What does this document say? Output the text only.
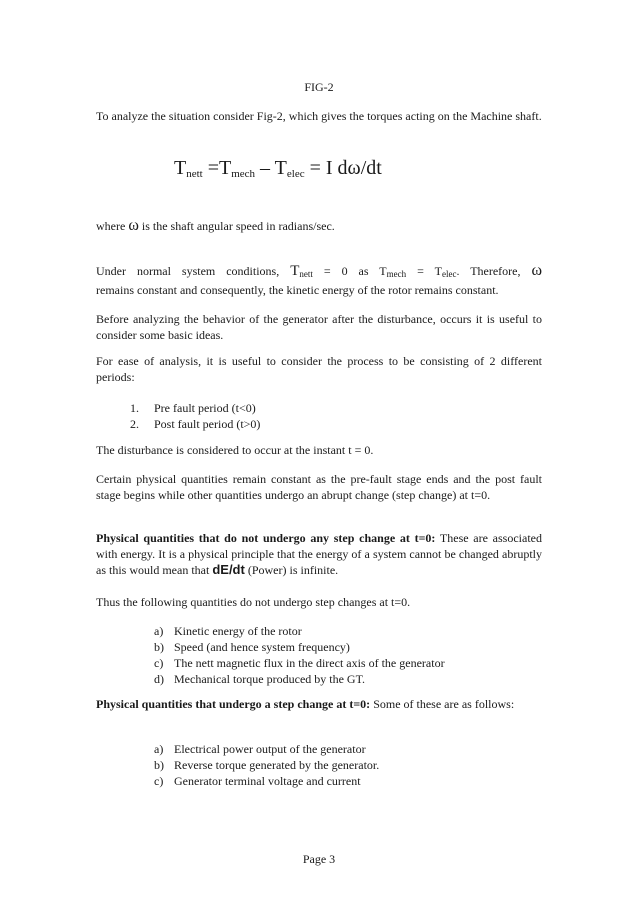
FIG-2
To analyze the situation consider Fig-2, which gives the torques acting on the Machine shaft.
$T_{nett} =T_{mech} - T_{elec} = I$ dω/dt
where ω is the shaft angular speed in radians/sec.
Under normal system conditions, $T_{nett} = 0$ as $T_{mech} = T_{elec}$. Therefore, ω
remains constant and consequently, the kinetic energy of the rotor remains constant.
Before analyzing the behavior of the generator after the disturbance, occurs it is useful to consider some basic ideas.
For ease of analysis, it is useful to consider the process to be consisting of 2 different periods:
1. Pre fault period (t<0)
2. Post fault period (t>0)
The disturbance is considered to occur at the instant t = 0.
Certain physical quantities remain constant as the pre-fault stage ends and the post fault stage begins while other quantities undergo an abrupt change (step change) at t=0.
Physical quantities that do not undergo any step change at t=0: These are associated with energy. It is a physical principle that the energy of a system cannot be changed abruptly as this would mean that dE/dt (Power) is infinite.
Thus the following quantities do not undergo step changes at t=0.
a) Kinetic energy of the rotor
b) Speed (and hence system frequency)
c) The nett magnetic flux in the direct axis of the generator
d) Mechanical torque produced by the GT.
Physical quantities that undergo a step change at t=0: Some of these are as follows:
a) Electrical power output of the generator
b) Reverse torque generated by the generator.
c) Generator terminal voltage and current
Page 3
